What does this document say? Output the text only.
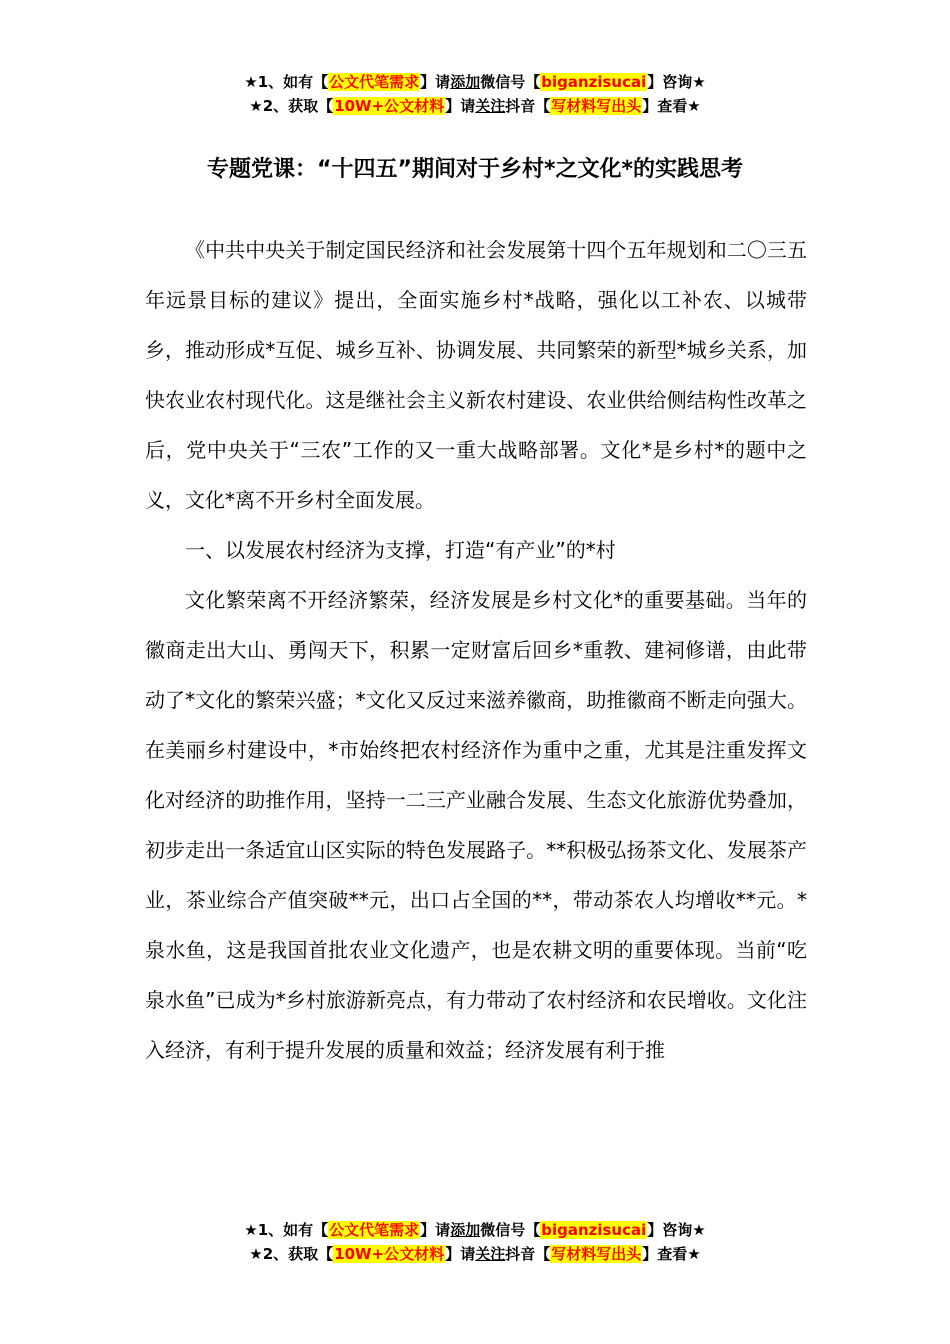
★1、如有【公文代笔需求】请添加微信号【biganzisucai】咨询★
★2、获取【10W+公文材料】请关注抖音【写材料写出头】查看★
专题党课：“十四五”期间对于乡村*之文化*的实践思考

《中共中央关于制定国民经济和社会发展第十四个五年规划和二〇三五年远景目标的建议》提出，全面实施乡村*战略，强化以工补农、以城带乡，推动形成*互促、城乡互补、协调发展、共同繁荣的新型*城乡关系，加快农业农村现代化。这是继社会主义新农村建设、农业供给侧结构性改革之后，党中央关于“三农”工作的又一重大战略部署。文化*是乡村*的题中之义，文化*离不开乡村全面发展。

一、以发展农村经济为支撑，打造“有产业”的*村

文化繁荣离不开经济繁荣，经济发展是乡村文化*的重要基础。当年的徽商走出大山、勇闯天下，积累一定财富后回乡*重教、建祠修谱，由此带动了*文化的繁荣兴盛；*文化又反过来滋养徽商，助推徽商不断走向强大。在美丽乡村建设中，*市始终把农村经济作为重中之重，尤其是注重发挥文化对经济的助推作用，坚持一二三产业融合发展、生态文化旅游优势叠加，初步走出一条适宜山区实际的特色发展路子。**积极弘扬茶文化、发展茶产业，茶业综合产值突破**元，出口占全国的**，带动茶农人均增收**元。*泉水鱼，这是我国首批农业文化遗产，也是农耕文明的重要体现。当前“吃泉水鱼”已成为*乡村旅游新亮点，有力带动了农村经济和农民增收。文化注入经济，有利于提升发展的质量和效益；经济发展有利于推

★1、如有【公文代笔需求】请添加微信号【biganzisucai】咨询★
★2、获取【10W+公文材料】请关注抖音【写材料写出头】查看★
